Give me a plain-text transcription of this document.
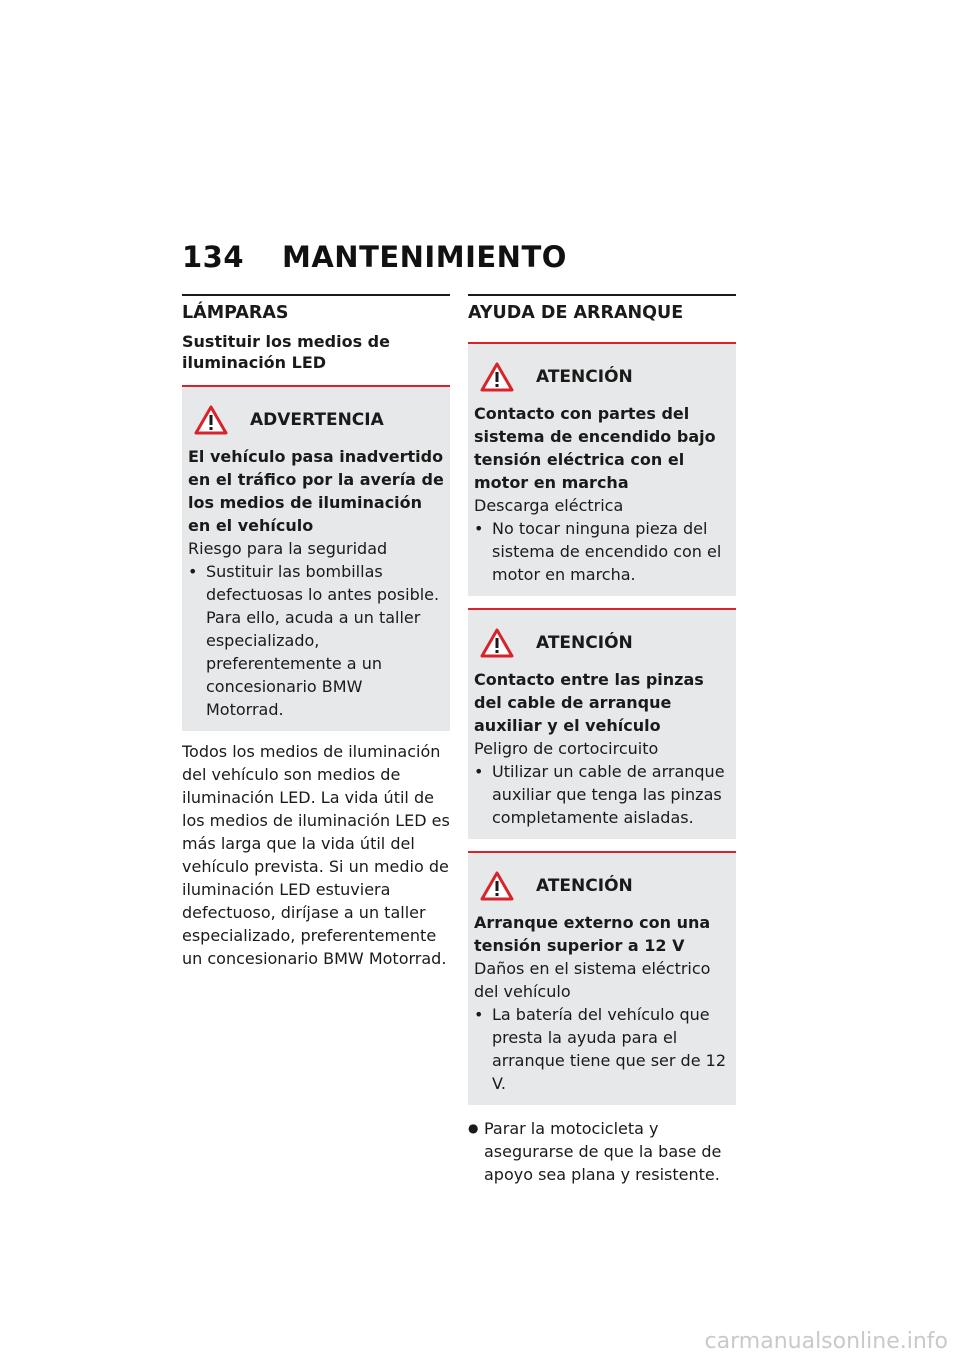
134 MANTENIMIENTO
LÁMPARAS
Sustituir los medios de iluminación LED
ADVERTENCIA
El vehículo pasa inadvertido en el tráfico por la avería de los medios de iluminación en el vehículo
Riesgo para la seguridad
• Sustituir las bombillas defectuosas lo antes posible. Para ello, acuda a un taller especializado, preferentemente a un concesionario BMW Motorrad.
Todos los medios de iluminación del vehículo son medios de iluminación LED. La vida útil de los medios de iluminación LED es más larga que la vida útil del vehículo prevista. Si un medio de iluminación LED estuviera defectuoso, diríjase a un taller especializado, preferentemente un concesionario BMW Motorrad.
AYUDA DE ARRANQUE
ATENCIÓN
Contacto con partes del sistema de encendido bajo tensión eléctrica con el motor en marcha
Descarga eléctrica
• No tocar ninguna pieza del sistema de encendido con el motor en marcha.
ATENCIÓN
Contacto entre las pinzas del cable de arranque auxiliar y el vehículo
Peligro de cortocircuito
• Utilizar un cable de arranque auxiliar que tenga las pinzas completamente aisladas.
ATENCIÓN
Arranque externo con una tensión superior a 12 V
Daños en el sistema eléctrico del vehículo
• La batería del vehículo que presta la ayuda para el arranque tiene que ser de 12 V.
● Parar la motocicleta y asegurarse de que la base de apoyo sea plana y resistente.
carmanualsonline.info
